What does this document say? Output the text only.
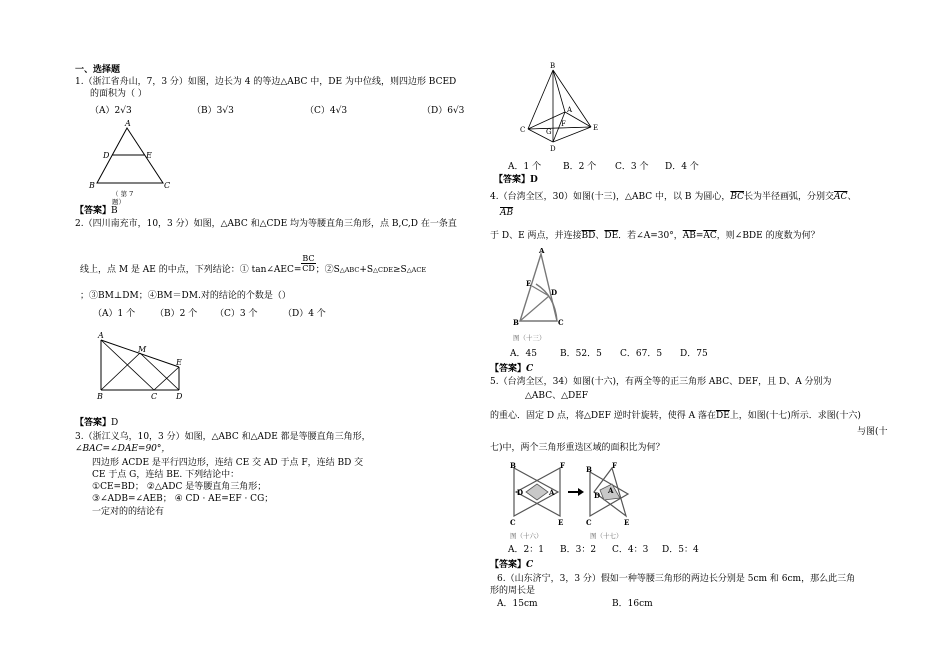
一、选择题
1.（浙江省舟山，7，3 分）如图，边长为 4 的等边△ABC 中，DE 为中位线，则四边形 BCED
的面积为（ ）
（A）2√3	（B）3√3	（C）4√3	（D）6√3
A
D	E
B	C
（ 第 7
题）
【答案】B
2.（四川南充市，10，3 分）如图，△ABC 和△CDE 均为等腰直角三角形，点 B,C,D 在一条直
线上，点 M 是 AE 的中点，下列结论：① tan∠AEC= $\frac{BC}{CD}$ ；②S△ABC+S△CDE≥S△ACE
；③BM⊥DM；④BM＝DM.对的结论的个数是（）
（A）1 个 （B）2 个 （C）3 个	（D）4 个
A
M
E
B	C D
【答案】D
3.（浙江义乌，10，3 分）如图，△ABC 和△ADE 都是等腰直角三角形，
∠BAC=∠DAE=90°，
四边形 ACDE 是平行四边形，连结 CE 交 AD 于点 F，连结 BD 交
CE 于点 G，连结 BE. 下列结论中：
①CE=BD； ②△ADC 是等腰直角三角形；
③∠ADB=∠AEB； ④ CD · AE=EF · CG；
一定对的的结论有
B
A
C	G
F	E
D
A．1 个 B．2 个 C．3 个 D．4 个
【答案】D
4.（台湾全区，30）如图(十三)，△ABC 中，以 B 为圆心，$\overline{BC}$长为半径画弧，分别交$\overline{AC}$、
$\overline{AB}$
于 D、E 两点，并连接$\overline{BD}$、$\overline{DE}$．若∠A=30°，$\overline{AB}=\overline{AC}$，则∠BDE 的度数为何？
A
D
E
B	C
图（十三）
A．45	B．52．5 C．67．5 D．75
【答案】C
5.（台湾全区，34）如图(十六)，有两全等的正三角形 ABC、DEF，且 D、A 分别为
△ABC、△DEF
的重心．固定 D 点，将△DEF 逆时针旋转，使得 A 落在$\overline{DE}$上，如图(十七)所示．求图(十六)
与图(十
七)中，两个三角形重迭区域的面积比为何？
B	F
D	A
C	E
B	F
D
A
C	E
图（十六）	图（十七）
A．2：1 B．3：2 C．4：3 D．5：4
【答案】C
6.（山东济宁，3，3 分）假如一种等腰三角形的两边长分别是 5cm 和 6cm，那么此三角
形的周长是
A．15cm	B．16cm
